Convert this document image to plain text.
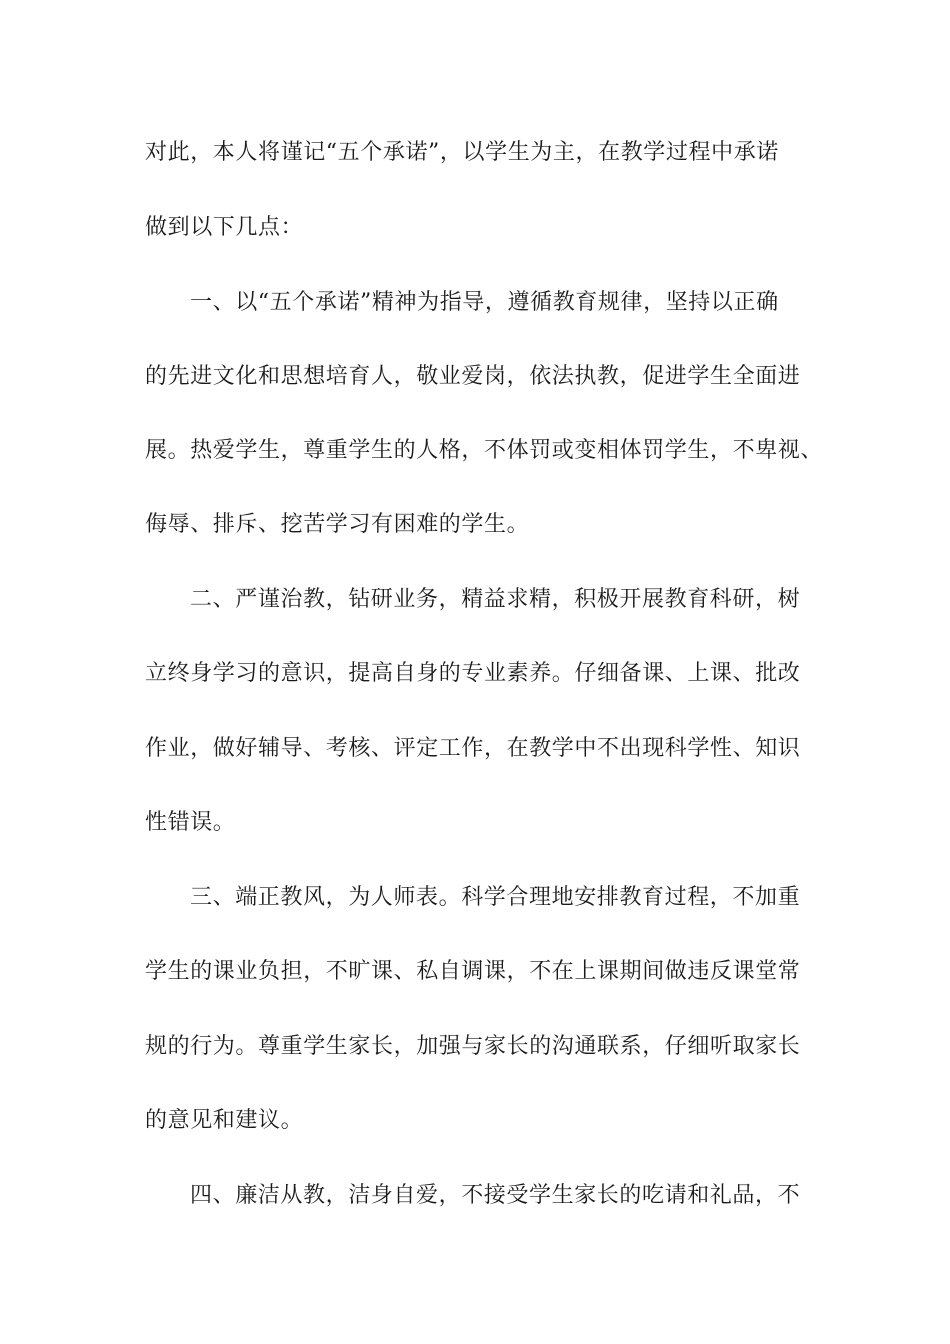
对此，本人将谨记“五个承诺”，以学生为主，在教学过程中承诺
做到以下几点：
一、以“五个承诺”精神为指导，遵循教育规律，坚持以正确
的先进文化和思想培育人，敬业爱岗，依法执教，促进学生全面进
展。热爱学生，尊重学生的人格，不体罚或变相体罚学生，不卑视、
侮辱、排斥、挖苦学习有困难的学生。
二、严谨治教，钻研业务，精益求精，积极开展教育科研，树
立终身学习的意识，提高自身的专业素养。仔细备课、上课、批改
作业，做好辅导、考核、评定工作，在教学中不出现科学性、知识
性错误。
三、端正教风，为人师表。科学合理地安排教育过程，不加重
学生的课业负担，不旷课、私自调课，不在上课期间做违反课堂常
规的行为。尊重学生家长，加强与家长的沟通联系，仔细听取家长
的意见和建议。
四、廉洁从教，洁身自爱，不接受学生家长的吃请和礼品，不
